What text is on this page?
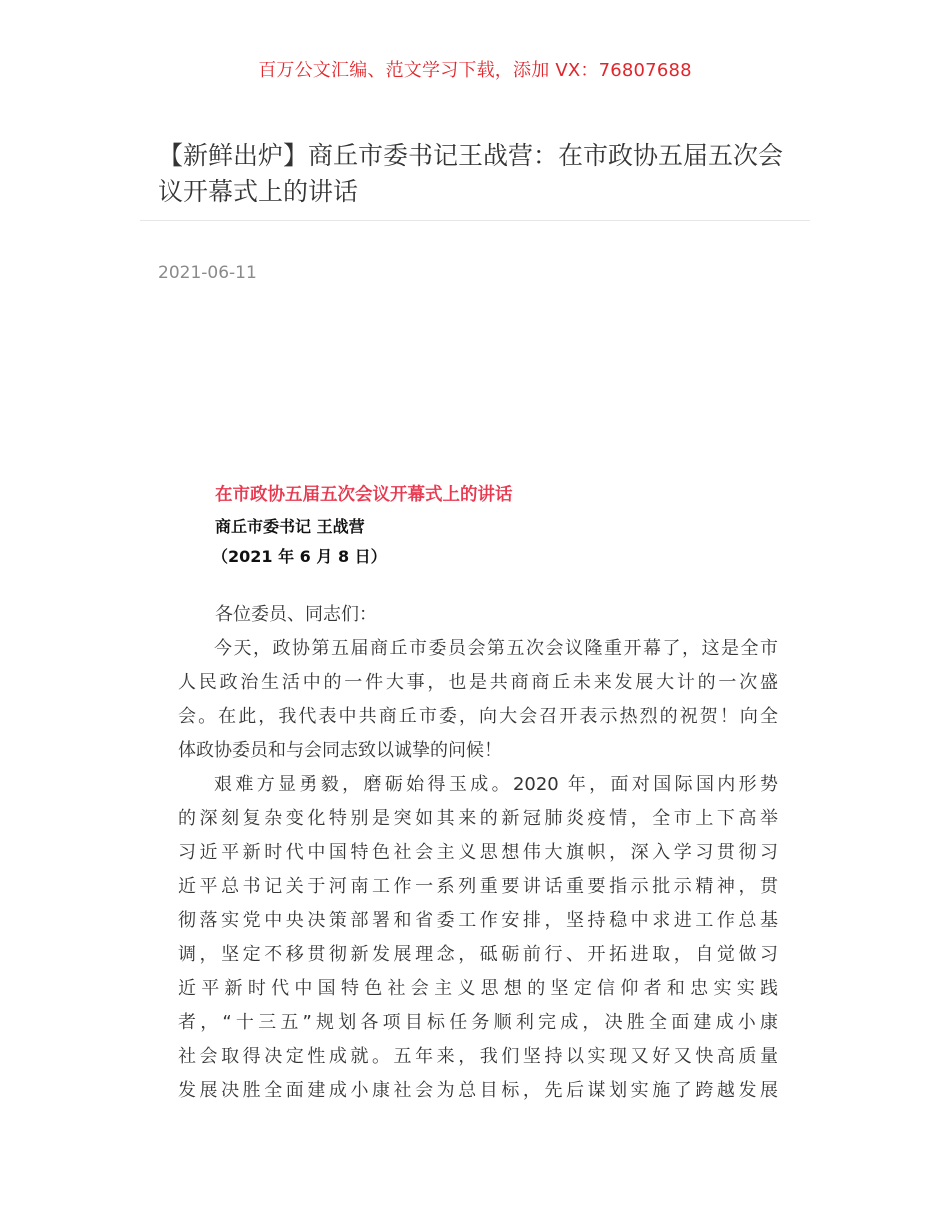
百万公文汇编、范文学习下载，添加 VX：76807688
【新鲜出炉】商丘市委书记王战营：在市政协五届五次会议开幕式上的讲话
2021-06-11
在市政协五届五次会议开幕式上的讲话
商丘市委书记 王战营
（2021 年 6 月 8 日）
各位委员、同志们：
今天，政协第五届商丘市委员会第五次会议隆重开幕了，这是全市
人民政治生活中的一件大事，也是共商商丘未来发展大计的一次盛
会。在此，我代表中共商丘市委，向大会召开表示热烈的祝贺！向全
体政协委员和与会同志致以诚挚的问候！
艰难方显勇毅，磨砺始得玉成。2020 年，面对国际国内形势
的深刻复杂变化特别是突如其来的新冠肺炎疫情，全市上下高举
习近平新时代中国特色社会主义思想伟大旗帜，深入学习贯彻习
近平总书记关于河南工作一系列重要讲话重要指示批示精神，贯
彻落实党中央决策部署和省委工作安排，坚持稳中求进工作总基
调，坚定不移贯彻新发展理念，砥砺前行、开拓进取，自觉做习
近平新时代中国特色社会主义思想的坚定信仰者和忠实实践
者，“十三五”规划各项目标任务顺利完成，决胜全面建成小康
社会取得决定性成就。五年来，我们坚持以实现又好又快高质量
发展决胜全面建成小康社会为总目标，先后谋划实施了跨越发展
